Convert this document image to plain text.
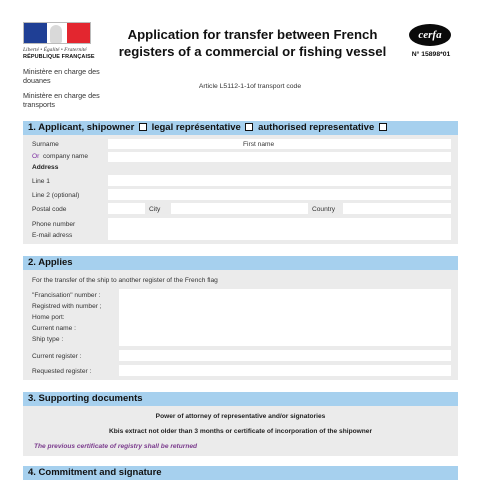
Liberté • Égalité • Fraternité
RÉPUBLIQUE FRANÇAISE
Ministère en charge des douanes
Ministère en charge des transports
Application for transfer between French registers of a commercial or fishing vessel
cerfa
N° 15898*01
Article L5112-1-1of transport code
1. Applicant, shipowner legal représentative authorised representative
Surname	First name
Or company name
Address
Line 1
Line 2 (optional)
Postal code	City	Country
Phone number
E-mail adress
2. Applies
For the transfer of the ship to another register of the French flag
"Francisation" number :
Registred with number ;
Home port:
Current name :
Ship type :
Current register :
Requested register :
3. Supporting documents
Power of attorney of representative and/or signatories
Kbis extract not older than 3 months or certificate of incorporation of the shipowner
The previous certificate of registry shall be returned
4. Commitment and signature
